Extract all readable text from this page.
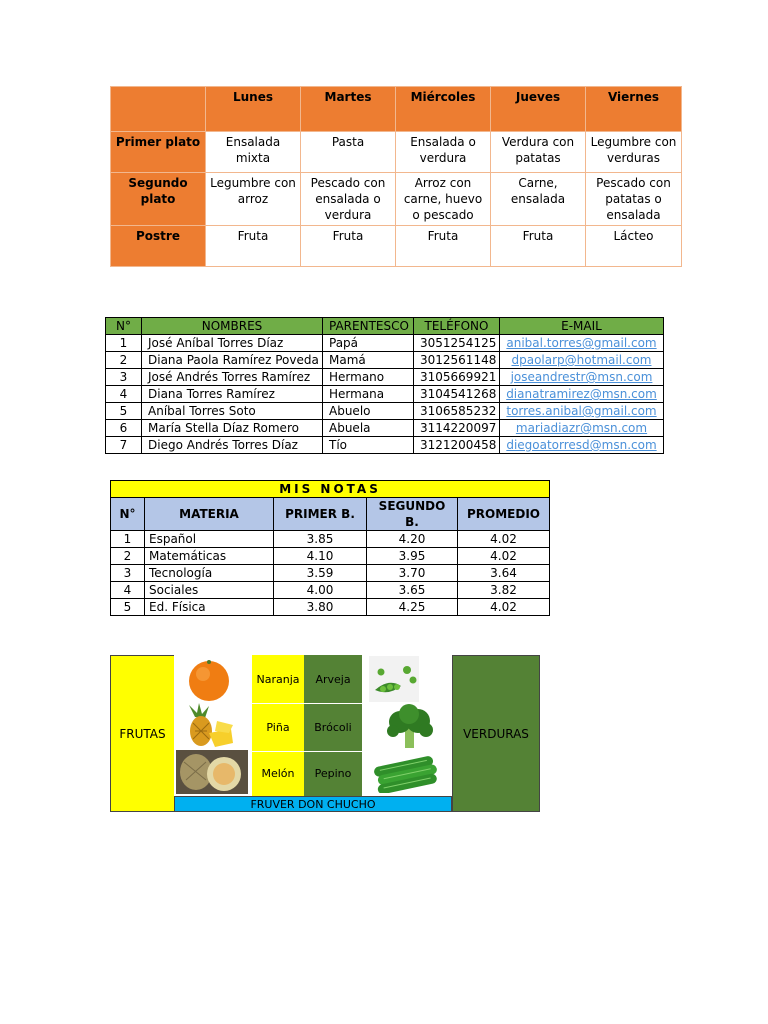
	Lunes	Martes	Miércoles	Jueves	Viernes
Primer plato	Ensalada mixta	Pasta	Ensalada o verdura	Verdura con patatas	Legumbre con verduras
Segundo plato	Legumbre con arroz	Pescado con ensalada o verdura	Arroz con carne, huevo o pescado	Carne, ensalada	Pescado con patatas o ensalada
Postre	Fruta	Fruta	Fruta	Fruta	Lácteo
N°	NOMBRES	PARENTESCO	TELÉFONO	E-MAIL
1	José Aníbal Torres Díaz	Papá	3051254125	anibal.torres@gmail.com
2	Diana Paola Ramírez Poveda	Mamá	3012561148	dpaolarp@hotmail.com
3	José Andrés Torres Ramírez	Hermano	3105669921	joseandrestr@msn.com
4	Diana Torres Ramírez	Hermana	3104541268	dianatramirez@msn.com
5	Aníbal Torres Soto	Abuelo	3106585232	torres.anibal@gmail.com
6	María Stella Díaz Romero	Abuela	3114220097	mariadiazr@msn.com
7	Diego Andrés Torres Díaz	Tío	3121200458	diegoatorresd@msn.com
MIS NOTAS				
N°	MATERIA	PRIMER B.	SEGUNDO B.	PROMEDIO
1	Español	3.85	4.20	4.02
2	Matemáticas	4.10	3.95	4.02
3	Tecnología	3.59	3.70	3.64
4	Sociales	4.00	3.65	3.82
5	Ed. Física	3.80	4.25	4.02
FRUTAS
Naranja
Piña
Melón
Arveja
Brócoli
Pepino
VERDURAS
FRUVER DON CHUCHO
